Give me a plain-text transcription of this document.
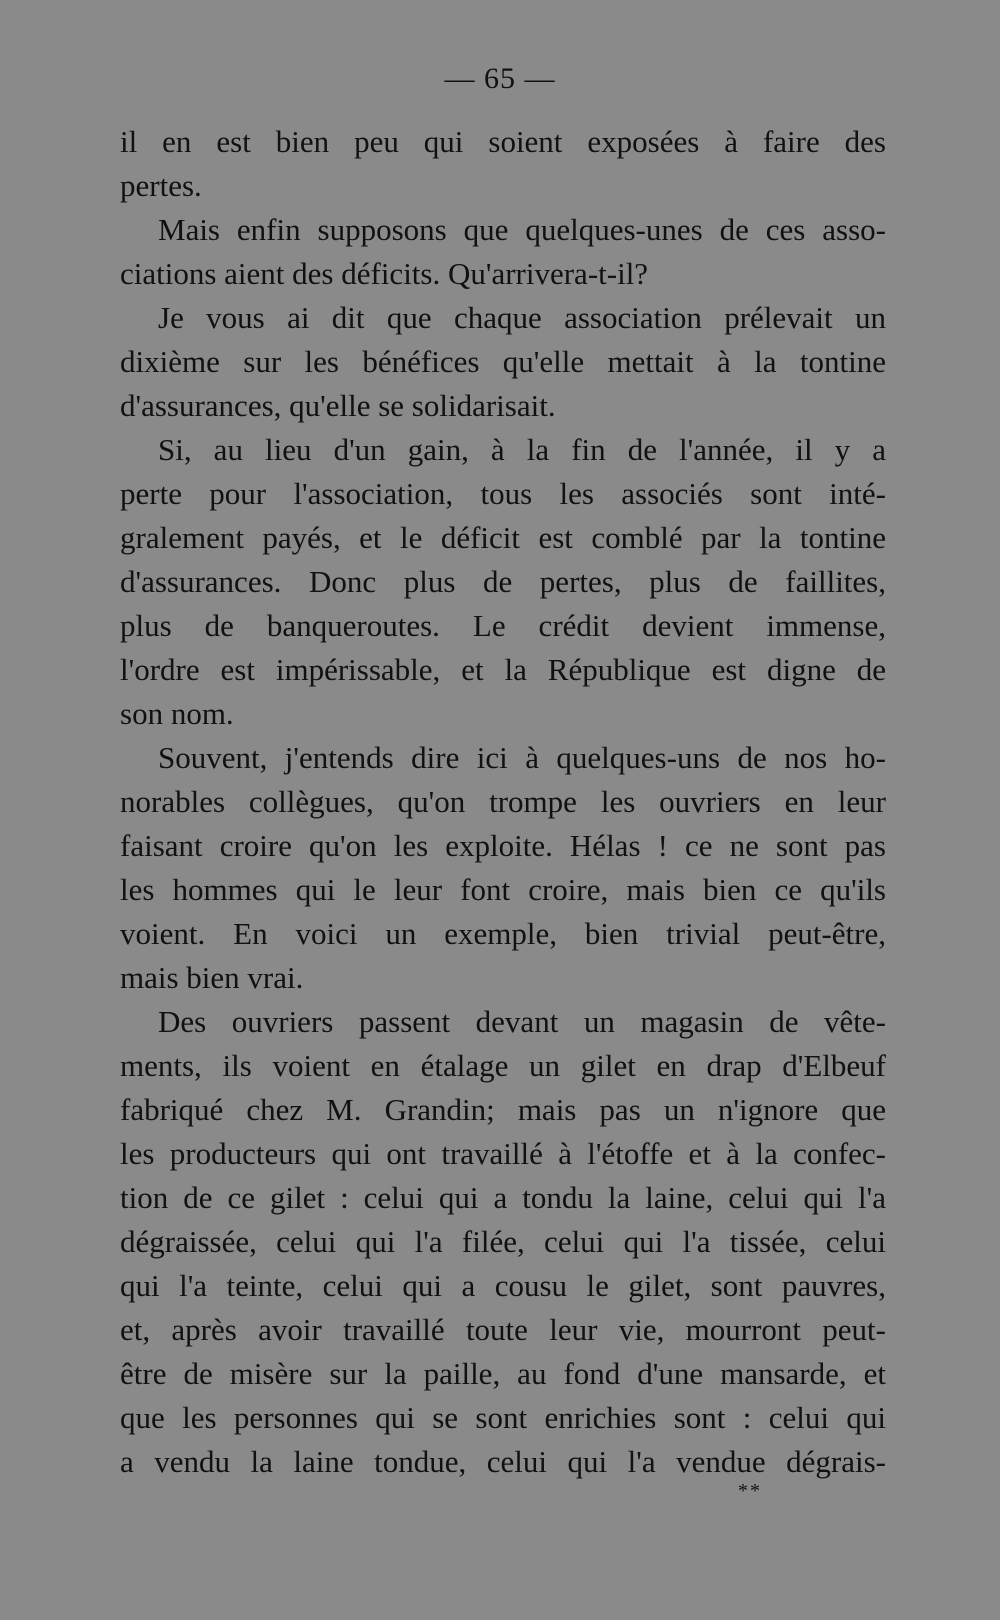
— 65 —
il en est bien peu qui soient exposées à faire des
pertes.
Mais enfin supposons que quelques-unes de ces asso-
ciations aient des déficits. Qu'arrivera-t-il?
Je vous ai dit que chaque association prélevait un
dixième sur les bénéfices qu'elle mettait à la tontine
d'assurances, qu'elle se solidarisait.
Si, au lieu d'un gain, à la fin de l'année, il y a
perte pour l'association, tous les associés sont inté-
gralement payés, et le déficit est comblé par la tontine
d'assurances. Donc plus de pertes, plus de faillites,
plus de banqueroutes. Le crédit devient immense,
l'ordre est impérissable, et la République est digne de
son nom.
Souvent, j'entends dire ici à quelques-uns de nos ho-
norables collègues, qu'on trompe les ouvriers en leur
faisant croire qu'on les exploite. Hélas ! ce ne sont pas
les hommes qui le leur font croire, mais bien ce qu'ils
voient. En voici un exemple, bien trivial peut-être,
mais bien vrai.
Des ouvriers passent devant un magasin de vête-
ments, ils voient en étalage un gilet en drap d'Elbeuf
fabriqué chez M. Grandin; mais pas un n'ignore que
les producteurs qui ont travaillé à l'étoffe et à la confec-
tion de ce gilet : celui qui a tondu la laine, celui qui l'a
dégraissée, celui qui l'a filée, celui qui l'a tissée, celui
qui l'a teinte, celui qui a cousu le gilet, sont pauvres,
et, après avoir travaillé toute leur vie, mourront peut-
être de misère sur la paille, au fond d'une mansarde, et
que les personnes qui se sont enrichies sont : celui qui
a vendu la laine tondue, celui qui l'a vendue dégrais-
**
